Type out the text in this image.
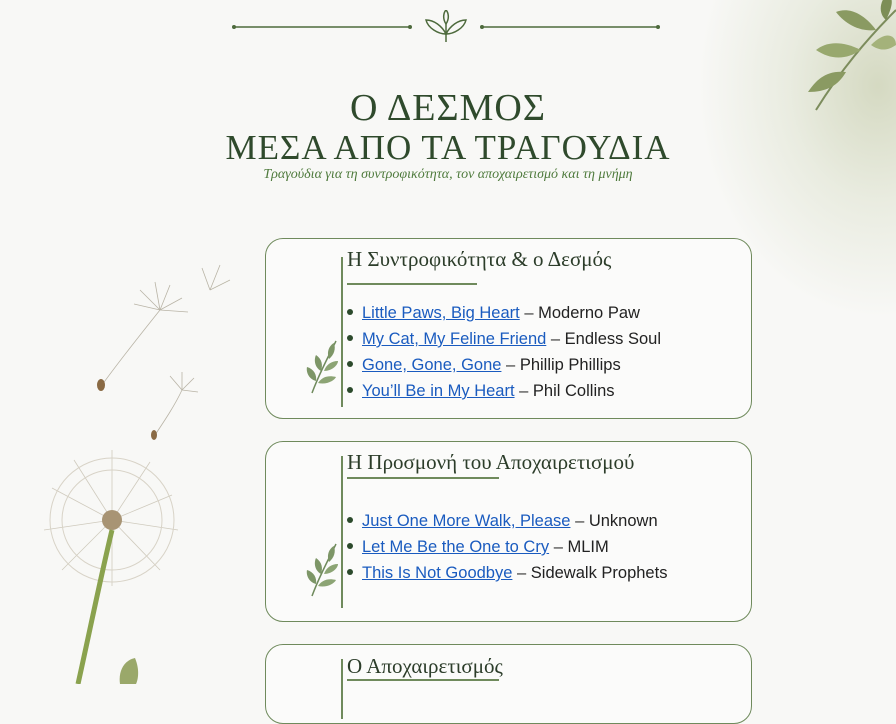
Ο ΔΕΣΜΟΣ
ΜΕΣΑ ΑΠΟ ΤΑ ΤΡΑΓΟΥΔΙΑ
Τραγούδια για τη συντροφικότητα, τον αποχαιρετισμό και τη μνήμη
Η Συντροφικότητα & ο Δεσμός
Little Paws, Big Heart – Moderno Paw
My Cat, My Feline Friend – Endless Soul
Gone, Gone, Gone – Phillip Phillips
You’ll Be in My Heart – Phil Collins
Η Προσμονή του Αποχαιρετισμού
Just One More Walk, Please – Unknown
Let Me Be the One to Cry – MLIM
This Is Not Goodbye – Sidewalk Prophets
Ο Αποχαιρετισμός
